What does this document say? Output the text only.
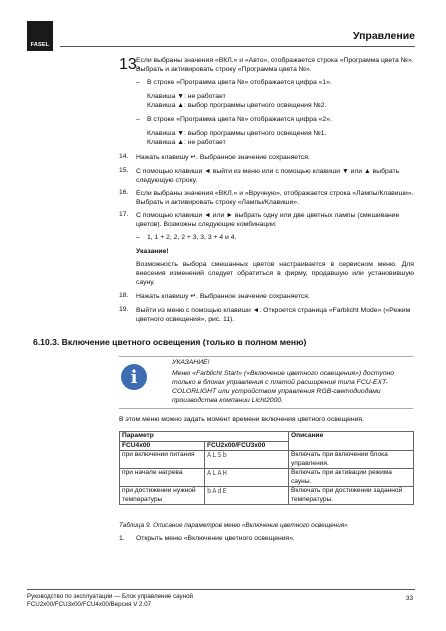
FASEL
Управление
13.
Если выбраны значения «ВКЛ.» и «Авто», отображается строка «Программа цвета №». Выбрать и активировать строку «Программа цвета №».
– В строке «Программа цвета №» отображается цифра «1».
Клавиша ▼: не работает
Клавиша ▲: выбор программы цветного освещения №2.
– В строке «Программа цвета №» отображается цифра «2».
Клавиша ▼: выбор программы цветного освещения №1.
Клавиша ▲: не работает
14. Нажать клавишу ↵. Выбранное значение сохраняется.
15. С помощью клавиши ◄ выйти из меню или с помощью клавиши ▼ или ▲ выбрать следующую строку.
16. Если выбраны значения «ВКЛ.» и «Вручную», отображается строка «Лампы/Клавиши». Выбрать и активировать строку «Лампы/Клавиши».
17. С помощью клавиши ◄ или ► выбрать одну или две цветных лампы (смешивание цветов). Возможны следующие комбинации:
– 1, 1 + 2, 2, 2 + 3, 3, 3 + 4 и 4.
Указание!
Возможность выбора смешанных цветов настраивается в сервисном меню. Для внесения изменений следует обратиться в фирму, продавшую или установившую сауну.
18. Нажать клавишу ↵. Выбранное значение сохраняется.
19. Выйти из меню с помощью клавиши ◄. Откроется страница «Farblicht Mode» («Режим цветного освещения», рис. 11).
6.10.3. Включение цветного освещения (только в полном меню)
i
УКАЗАНИЕ!
Меню «Farblicht Start» («Включение цветного освещения») доступно только в блоках управления с платой расширения типа FCU-EXT-COLORLIGHT или устройством управления RGB-светодиодами производства компании Licht2000.
В этом меню можно задать момент времени включения цветного освещения.
Параметр		Описание
FCU4x00	FCU2x00/FCU3x00	
при включении питания	ALSb	Включать при включении блока управления.
при начале нагрева	ALAH	Включать при активации режима сауны.
при достижении нужной температуры	bAdE	Включать при достижении заданной температуры.
Таблица 9. Описание параметров меню «Включение цветного освещения»
1. Открыть меню «Включение цветного освещения».
Руководство по эксплуатации — Блок управление сауной
FCU2x00/FCU3x00/FCU4x00/Версия V 2.07
33
